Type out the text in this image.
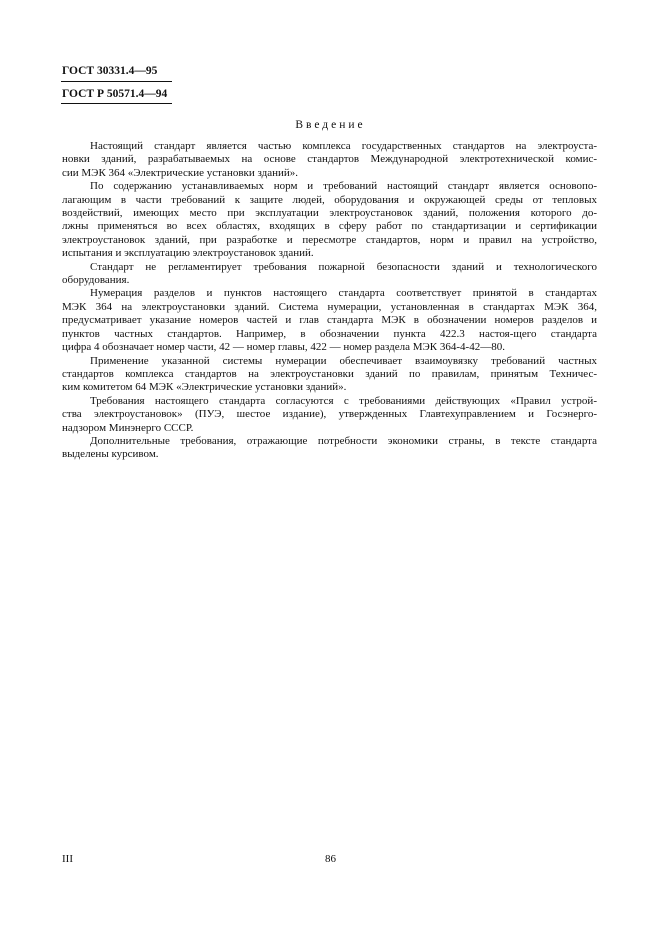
ГОСТ 30331.4—95
ГОСТ Р 50571.4—94
Введение

Настоящий стандарт является частью комплекса государственных стандартов на электроуста-
новки зданий, разрабатываемых на основе стандартов Международной электротехнической комис-
сии МЭК 364 «Электрические установки зданий».

По содержанию устанавливаемых норм и требований настоящий стандарт является основопо-
лагающим в части требований к защите людей, оборудования и окружающей среды от тепловых
воздействий, имеющих место при эксплуатации электроустановок зданий, положения которого до-
лжны применяться во всех областях, входящих в сферу работ по стандартизации и сертификации
электроустановок зданий, при разработке и пересмотре стандартов, норм и правил на устройство,
испытания и эксплуатацию электроустановок зданий.

Стандарт не регламентирует требования пожарной безопасности зданий и технологического
оборудования.

Нумерация разделов и пунктов настоящего стандарта соответствует принятой в стандартах
МЭК 364 на электроустановки зданий. Система нумерации, установленная в стандартах МЭК 364,
предусматривает указание номеров частей и глав стандарта МЭК в обозначении номеров разделов и
пунктов частных стандартов. Например, в обозначении пункта 422.3 настоя-щего стандарта
цифра 4 обозначает номер части, 42 — номер главы, 422 — номер раздела МЭК 364-4-42—80.

Применение указанной системы нумерации обеспечивает взаимоувязку требований частных
стандартов комплекса стандартов на электроустановки зданий по правилам, принятым Техничес-
ким комитетом 64 МЭК «Электрические установки зданий».

Требования настоящего стандарта согласуются с требованиями действующих «Правил устрой-
ства электроустановок» (ПУЭ, шестое издание), утвержденных Главтехуправлением и Госэнерго-
надзором Минэнерго СССР.

Дополнительные требования, отражающие потребности экономики страны, в тексте стандарта
выделены курсивом.

III	86
